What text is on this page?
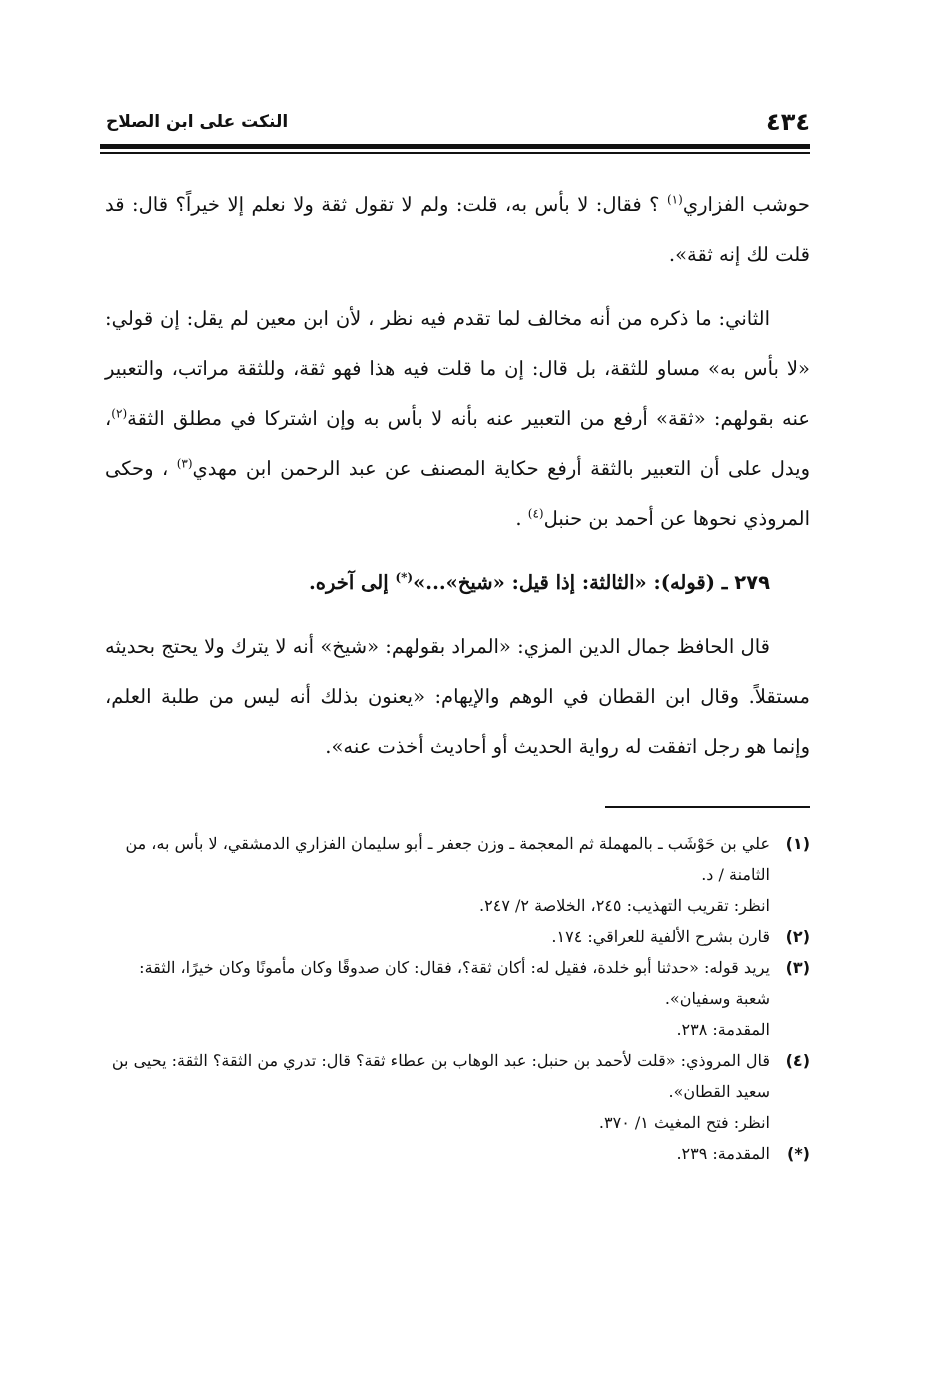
٤٣٤
النكت على ابن الصلاح

حوشب الفزاري$^{(١)}$ ؟ فقال: لا بأس به، قلت: ولم لا تقول ثقة ولا نعلم إلا خيراً؟ قال: قد قلت لك إنه ثقة».

الثاني: ما ذكره من أنه مخالف لما تقدم فيه نظر ، لأن ابن معين لم يقل: إن قولي: «لا بأس به» مساو للثقة، بل قال: إن ما قلت فيه هذا فهو ثقة، وللثقة مراتب، والتعبير عنه بقولهم: «ثقة» أرفع من التعبير عنه بأنه لا بأس به وإن اشتركا في مطلق الثقة$^{(٢)}$، ويدل على أن التعبير بالثقة أرفع حكاية المصنف عن عبد الرحمن ابن مهدي$^{(٣)}$ ، وحكى المروذي نحوها عن أحمد بن حنبل$^{(٤)}$ .

٢٧٩ ـ (قوله): «الثالثة: إذا قيل: «شيخ»...»(*) إلى آخره.

قال الحافظ جمال الدين المزي: «المراد بقولهم: «شيخ» أنه لا يترك ولا يحتج بحديثه مستقلاً. وقال ابن القطان في الوهم والإيهام: «يعنون بذلك أنه ليس من طلبة العلم، وإنما هو رجل اتفقت له رواية الحديث أو أحاديث أخذت عنه».

(١)
علي بن حَوْشَب ـ بالمهملة ثم المعجمة ـ وزن جعفر ـ أبو سليمان الفزاري الدمشقي، لا بأس به، من الثامنة / د.
انظر: تقريب التهذيب: ٢٤٥، الخلاصة ٢/ ٢٤٧.
(٢)
قارن بشرح الألفية للعراقي: ١٧٤.
(٣)
يريد قوله: «حدثنا أبو خلدة، فقيل له: أكان ثقة؟، فقال: كان صدوقًا وكان مأمونًا وكان خيرًا، الثقة: شعبة وسفيان».
المقدمة: ٢٣٨.
(٤)
قال المروذي: «قلت لأحمد بن حنبل: عبد الوهاب بن عطاء ثقة؟ قال: تدري من الثقة؟ الثقة: يحيى بن سعيد القطان».
انظر: فتح المغيث ١/ ٣٧٠.
(*)
المقدمة: ٢٣٩.
